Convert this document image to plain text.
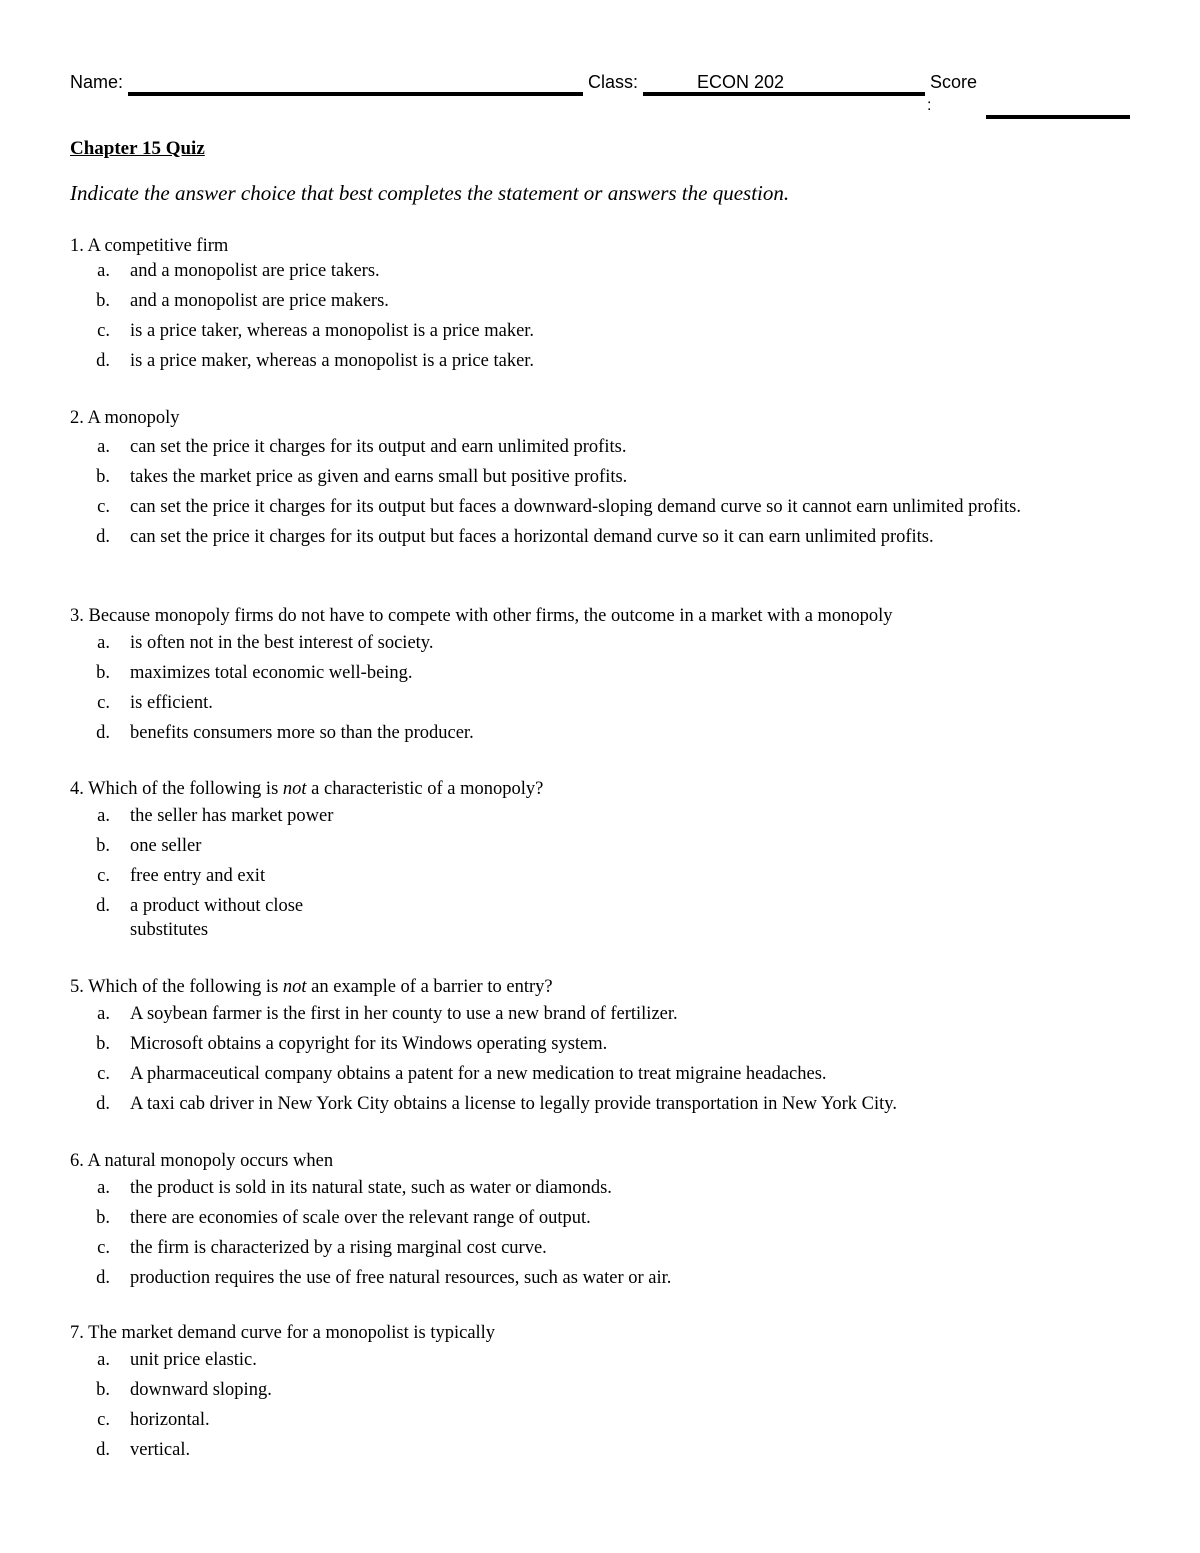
Name:	Class:	ECON 202	Score
:
Chapter 15 Quiz
Indicate the answer choice that best completes the statement or answers the question.
1. A competitive firm
a.	and a monopolist are price takers.
b.	and a monopolist are price makers.
c.	is a price taker, whereas a monopolist is a price maker.
d.	is a price maker, whereas a monopolist is a price taker.
2. A monopoly
a.	can set the price it charges for its output and earn unlimited profits.
b.	takes the market price as given and earns small but positive profits.
c.	can set the price it charges for its output but faces a downward-sloping demand curve so it cannot earn unlimited profits.
d.	can set the price it charges for its output but faces a horizontal demand curve so it can earn unlimited profits.
3. Because monopoly firms do not have to compete with other firms, the outcome in a market with a monopoly
a.	is often not in the best interest of society.
b.	maximizes total economic well-being.
c.	is efficient.
d.	benefits consumers more so than the producer.
4. Which of the following is not a characteristic of a monopoly?
a.	the seller has market power
b.	one seller
c.	free entry and exit
d.	a product without close substitutes
5. Which of the following is not an example of a barrier to entry?
a.	A soybean farmer is the first in her county to use a new brand of fertilizer.
b.	Microsoft obtains a copyright for its Windows operating system.
c.	A pharmaceutical company obtains a patent for a new medication to treat migraine headaches.
d.	A taxi cab driver in New York City obtains a license to legally provide transportation in New York City.
6. A natural monopoly occurs when
a.	the product is sold in its natural state, such as water or diamonds.
b.	there are economies of scale over the relevant range of output.
c.	the firm is characterized by a rising marginal cost curve.
d.	production requires the use of free natural resources, such as water or air.
7. The market demand curve for a monopolist is typically
a.	unit price elastic.
b.	downward sloping.
c.	horizontal.
d.	vertical.
